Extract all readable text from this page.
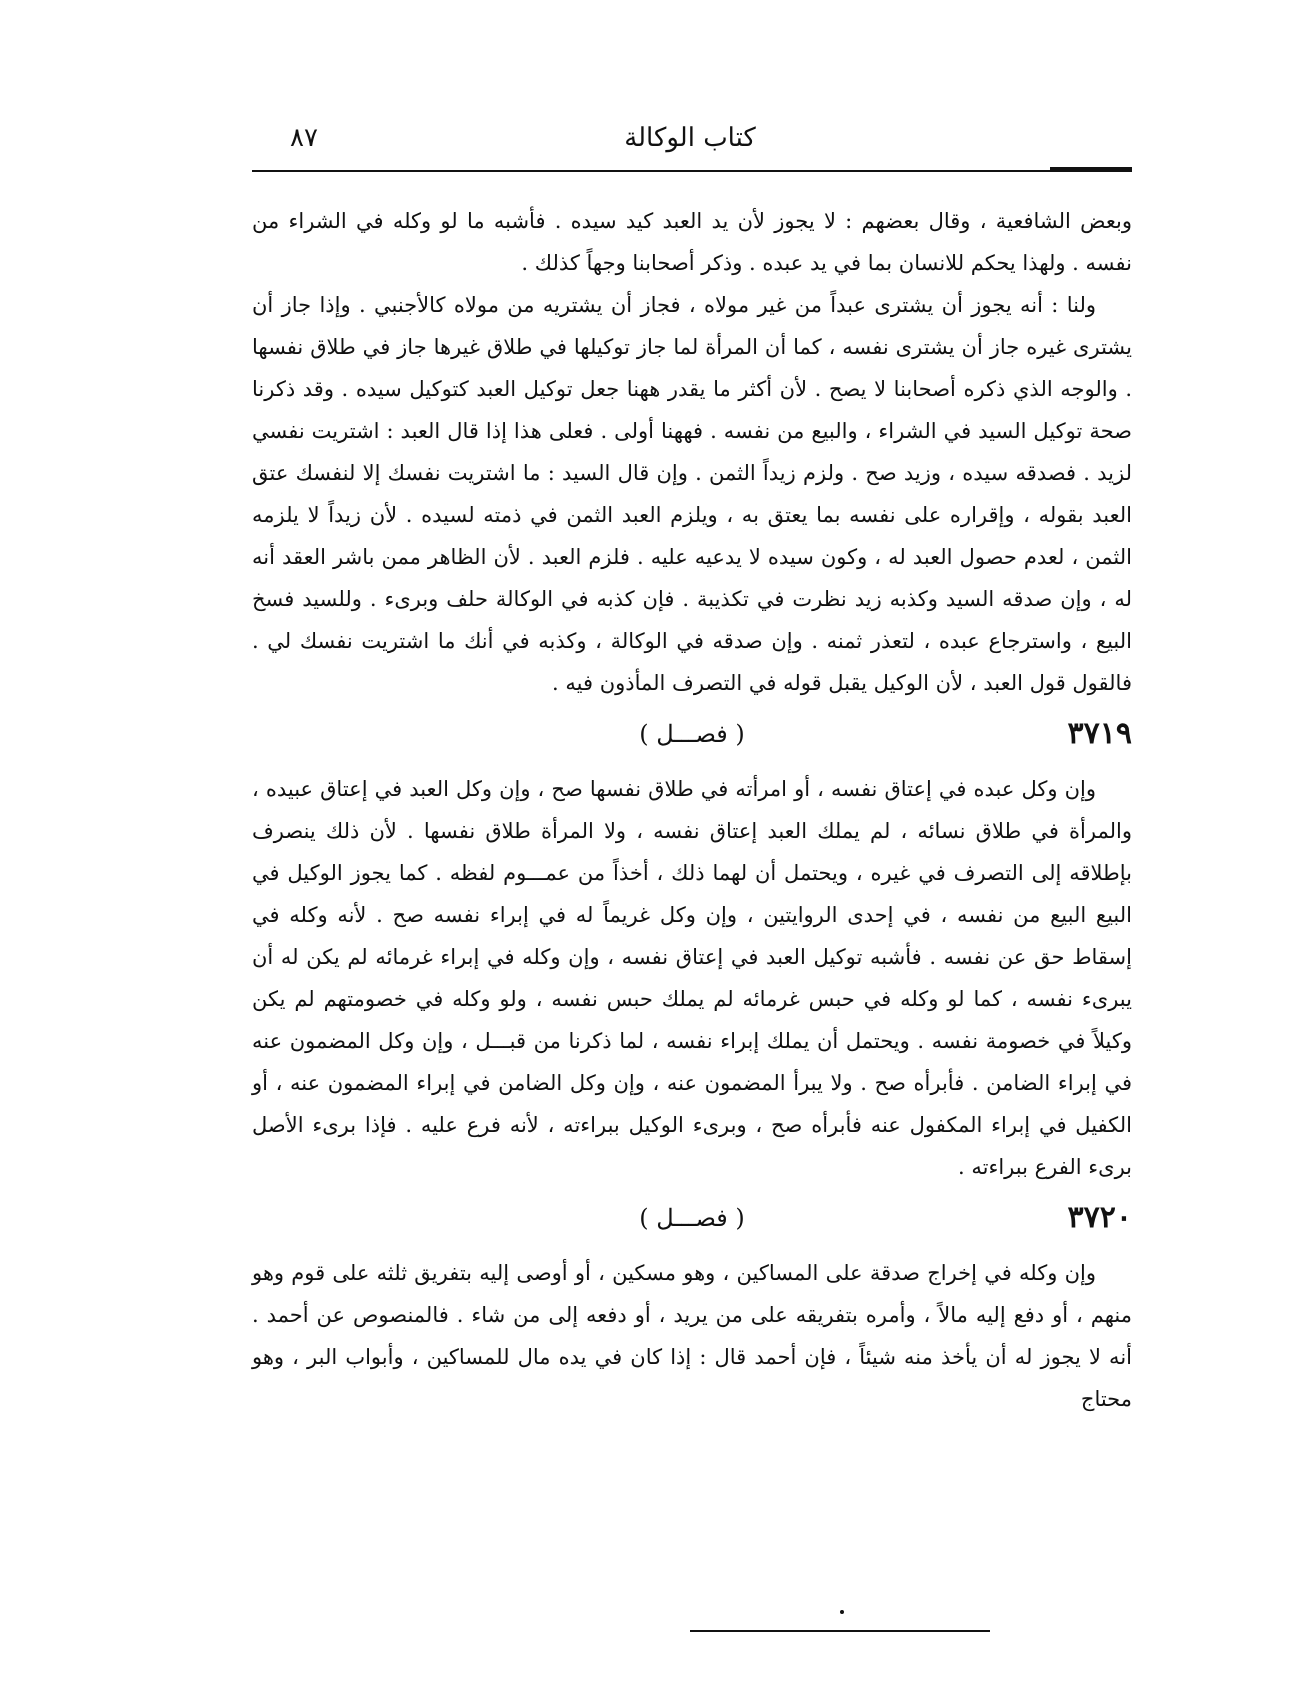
كتاب الوكالة
٨٧

وبعض الشافعية ، وقال بعضهم : لا يجوز لأن يد العبد كيد سيده . فأشبه ما لو وكله في الشراء من نفسه . ولهذا يحكم للانسان بما في يد عبده . وذكر أصحابنا وجهاً كذلك .

ولنا : أنه يجوز أن يشترى عبداً من غير مولاه ، فجاز أن يشتريه من مولاه كالأجنبي . وإذا جاز أن يشترى غيره جاز أن يشترى نفسه ، كما أن المرأة لما جاز توكيلها في طلاق غيرها جاز في طلاق نفسها . والوجه الذي ذكره أصحابنا لا يصح . لأن أكثر ما يقدر ههنا جعل توكيل العبد كتوكيل سيده . وقد ذكرنا صحة توكيل السيد في الشراء ، والبيع من نفسه . فههنا أولى . فعلى هذا إذا قال العبد : اشتريت نفسي لزيد . فصدقه سيده ، وزيد صح . ولزم زيداً الثمن . وإن قال السيد : ما اشتريت نفسك إلا لنفسك عتق العبد بقوله ، وإقراره على نفسه بما يعتق به ، ويلزم العبد الثمن في ذمته لسيده . لأن زيداً لا يلزمه الثمن ، لعدم حصول العبد له ، وكون سيده لا يدعيه عليه . فلزم العبد . لأن الظاهر ممن باشر العقد أنه له ، وإن صدقه السيد وكذبه زيد نظرت في تكذيبة . فإن كذبه في الوكالة حلف وبرىء . وللسيد فسخ البيع ، واسترجاع عبده ، لتعذر ثمنه . وإن صدقه في الوكالة ، وكذبه في أنك ما اشتريت نفسك لي . فالقول قول العبد ، لأن الوكيل يقبل قوله في التصرف المأذون فيه .

٣٧١٩
( فصـــل )

وإن وكل عبده في إعتاق نفسه ، أو امرأته في طلاق نفسها صح ، وإن وكل العبد في إعتاق عبيده ، والمرأة في طلاق نسائه ، لم يملك العبد إعتاق نفسه ، ولا المرأة طلاق نفسها . لأن ذلك ينصرف بإطلاقه إلى التصرف في غيره ، ويحتمل أن لهما ذلك ، أخذاً من عمـــوم لفظه . كما يجوز الوكيل في البيع البيع من نفسه ، في إحدى الروايتين ، وإن وكل غريماً له في إبراء نفسه صح . لأنه وكله في إسقاط حق عن نفسه . فأشبه توكيل العبد في إعتاق نفسه ، وإن وكله في إبراء غرمائه لم يكن له أن يبرىء نفسه ، كما لو وكله في حبس غرمائه لم يملك حبس نفسه ، ولو وكله في خصومتهم لم يكن وكيلاً في خصومة نفسه . ويحتمل أن يملك إبراء نفسه ، لما ذكرنا من قبـــل ، وإن وكل المضمون عنه في إبراء الضامن . فأبرأه صح . ولا يبرأ المضمون عنه ، وإن وكل الضامن في إبراء المضمون عنه ، أو الكفيل في إبراء المكفول عنه فأبرأه صح ، وبرىء الوكيل ببراءته ، لأنه فرع عليه . فإذا برىء الأصل برىء الفرع ببراءته .

٣٧٢٠
( فصـــل )

وإن وكله في إخراج صدقة على المساكين ، وهو مسكين ، أو أوصى إليه بتفريق ثلثه على قوم وهو منهم ، أو دفع إليه مالاً ، وأمره بتفريقه على من يريد ، أو دفعه إلى من شاء . فالمنصوص عن أحمد . أنه لا يجوز له أن يأخذ منه شيئاً ، فإن أحمد قال : إذا كان في يده مال للمساكين ، وأبواب البر ، وهو محتاج
